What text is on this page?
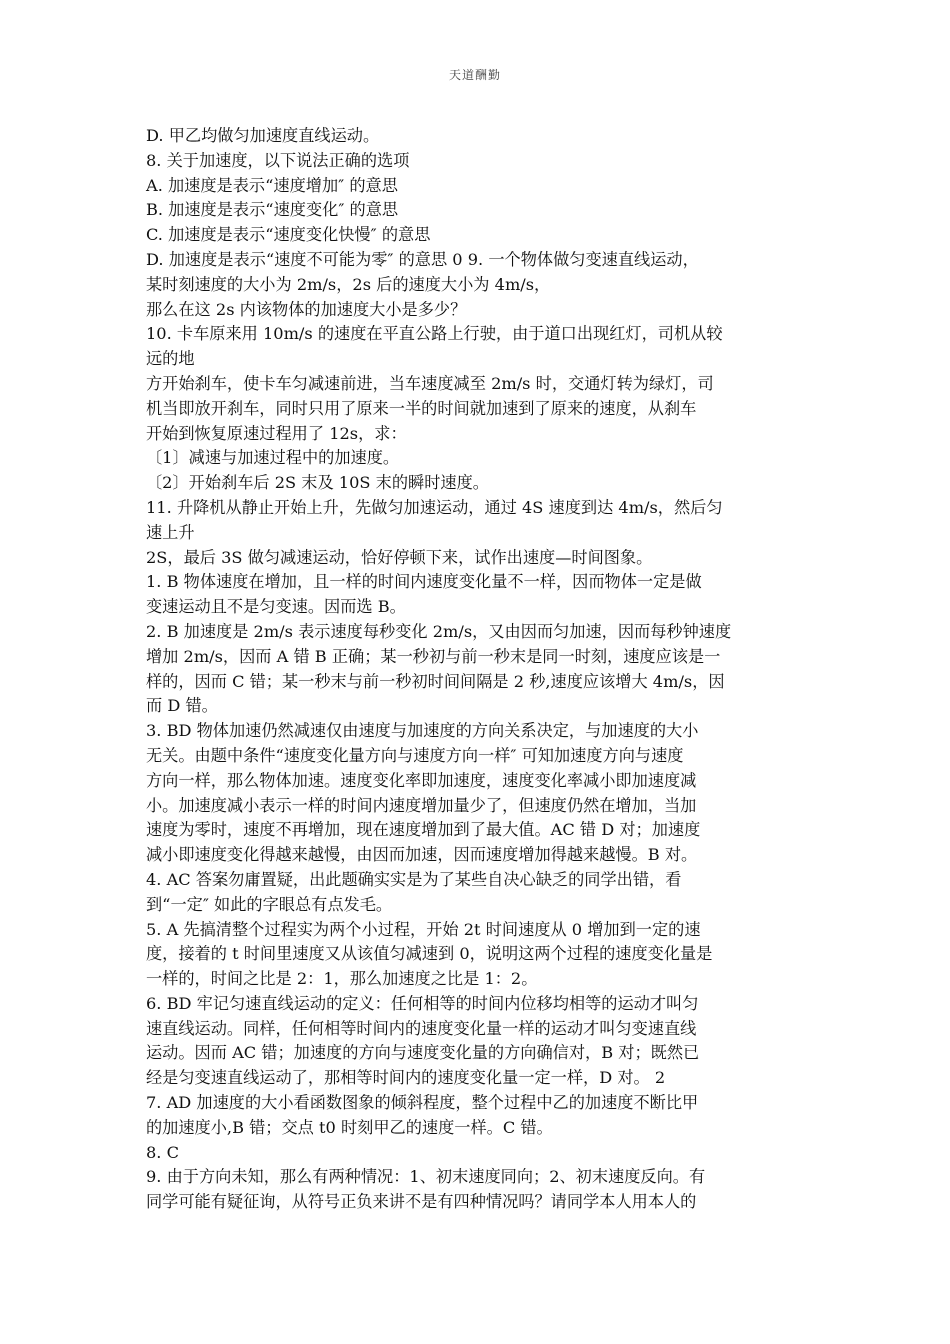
天道酬勤

D. 甲乙均做匀加速度直线运动。

8. 关于加速度，以下说法正确的选项

A. 加速度是表示“速度增加″ 的意思

B. 加速度是表示“速度变化″ 的意思

C. 加速度是表示“速度变化快慢″ 的意思

D. 加速度是表示“速度不可能为零″ 的意思 0 9. 一个物体做匀变速直线运动，

某时刻速度的大小为 2m/s，2s 后的速度大小为 4m/s，

那么在这 2s 内该物体的加速度大小是多少？

10. 卡车原来用 10m/s 的速度在平直公路上行驶，由于道口出现红灯，司机从较

远的地

方开始刹车，使卡车匀减速前进，当车速度减至 2m/s 时，交通灯转为绿灯，司

机当即放开刹车，同时只用了原来一半的时间就加速到了原来的速度，从刹车

开始到恢复原速过程用了 12s，求：

〔1〕减速与加速过程中的加速度。

〔2〕开始刹车后 2S 末及 10S 末的瞬时速度。

11. 升降机从静止开始上升，先做匀加速运动，通过 4S 速度到达 4m/s，然后匀

速上升

2S，最后 3S 做匀减速运动，恰好停顿下来，试作出速度—时间图象。

1. B 物体速度在增加，且一样的时间内速度变化量不一样，因而物体一定是做

变速运动且不是匀变速。因而选 B。

2. B 加速度是 2m/s 表示速度每秒变化 2m/s，又由因而匀加速，因而每秒钟速度

增加 2m/s，因而 A 错 B 正确；某一秒初与前一秒末是同一时刻，速度应该是一

样的，因而 C 错；某一秒末与前一秒初时间间隔是 2 秒,速度应该增大 4m/s，因

而 D 错。

3. BD 物体加速仍然减速仅由速度与加速度的方向关系决定，与加速度的大小

无关。由题中条件“速度变化量方向与速度方向一样″ 可知加速度方向与速度

方向一样，那么物体加速。速度变化率即加速度，速度变化率减小即加速度减

小。加速度减小表示一样的时间内速度增加量少了，但速度仍然在增加，当加

速度为零时，速度不再增加，现在速度增加到了最大值。AC 错 D 对；加速度

减小即速度变化得越来越慢，由因而加速，因而速度增加得越来越慢。B 对。

4. AC 答案勿庸置疑，出此题确实实是为了某些自决心缺乏的同学出错，看

到“一定″ 如此的字眼总有点发毛。

5. A 先搞清整个过程实为两个小过程，开始 2t 时间速度从 0 增加到一定的速

度，接着的 t 时间里速度又从该值匀减速到 0，说明这两个过程的速度变化量是

一样的，时间之比是 2：1，那么加速度之比是 1：2。

6. BD 牢记匀速直线运动的定义：任何相等的时间内位移均相等的运动才叫匀

速直线运动。同样，任何相等时间内的速度变化量一样的运动才叫匀变速直线

运动。因而 AC 错；加速度的方向与速度变化量的方向确信对，B 对；既然已

经是匀变速直线运动了，那相等时间内的速度变化量一定一样，D 对。 2

7. AD 加速度的大小看函数图象的倾斜程度，整个过程中乙的加速度不断比甲

的加速度小,B 错；交点 t0 时刻甲乙的速度一样。C 错。

8. C

9. 由于方向未知，那么有两种情况：1、初末速度同向；2、初末速度反向。有

同学可能有疑征询，从符号正负来讲不是有四种情况吗？请同学本人用本人的
